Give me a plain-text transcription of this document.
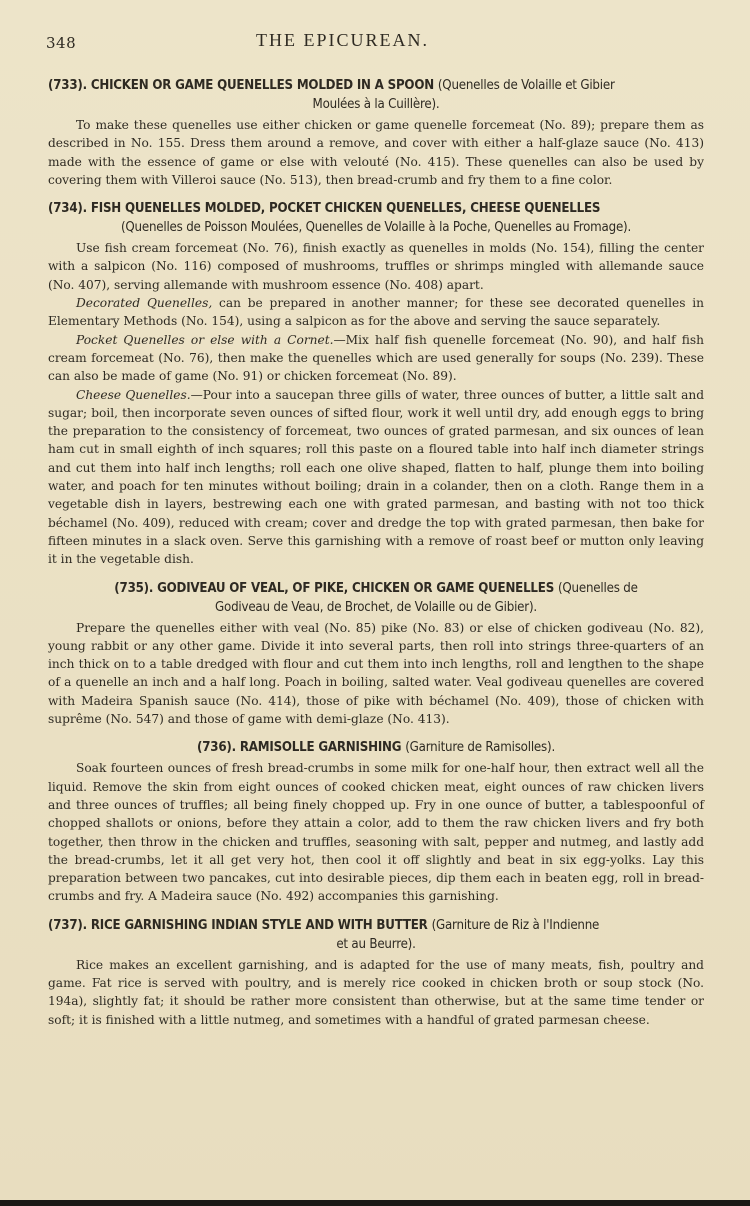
348	THE EPICUREAN.
(733). CHICKEN OR GAME QUENELLES MOLDED IN A SPOON (Quenelles de Volaille et Gibier
Moulées à la Cuillère).

To make these quenelles use either chicken or game quenelle forcemeat (No. 89); prepare them as described in No. 155. Dress them around a remove, and cover with either a half-glaze sauce (No. 413) made with the essence of game or else with velouté (No. 415). These quenelles can also be used by covering them with Villeroi sauce (No. 513), then bread-crumb and fry them to a fine color.

(734). FISH QUENELLES MOLDED, POCKET CHICKEN QUENELLES, CHEESE QUENELLES
(Quenelles de Poisson Moulées, Quenelles de Volaille à la Poche, Quenelles au Fromage).

Use fish cream forcemeat (No. 76), finish exactly as quenelles in molds (No. 154), filling the center with a salpicon (No. 116) composed of mushrooms, truffles or shrimps mingled with allemande sauce (No. 407), serving allemande with mushroom essence (No. 408) apart.

Decorated Quenelles, can be prepared in another manner; for these see decorated quenelles in Elementary Methods (No. 154), using a salpicon as for the above and serving the sauce separately.

Pocket Quenelles or else with a Cornet.—Mix half fish quenelle forcemeat (No. 90), and half fish cream forcemeat (No. 76), then make the quenelles which are used generally for soups (No. 239). These can also be made of game (No. 91) or chicken forcemeat (No. 89).

Cheese Quenelles.—Pour into a saucepan three gills of water, three ounces of butter, a little salt and sugar; boil, then incorporate seven ounces of sifted flour, work it well until dry, add enough eggs to bring the preparation to the consistency of forcemeat, two ounces of grated parmesan, and six ounces of lean ham cut in small eighth of inch squares; roll this paste on a floured table into half inch diameter strings and cut them into half inch lengths; roll each one olive shaped, flatten to half, plunge them into boiling water, and poach for ten minutes without boiling; drain in a colander, then on a cloth. Range them in a vegetable dish in layers, bestrewing each one with grated parmesan, and basting with not too thick béchamel (No. 409), reduced with cream; cover and dredge the top with grated parmesan, then bake for fifteen minutes in a slack oven. Serve this garnishing with a remove of roast beef or mutton only leaving it in the vegetable dish.

(735). GODIVEAU OF VEAL, OF PIKE, CHICKEN OR GAME QUENELLES (Quenelles de
Godiveau de Veau, de Brochet, de Volaille ou de Gibier).

Prepare the quenelles either with veal (No. 85) pike (No. 83) or else of chicken godiveau (No. 82), young rabbit or any other game. Divide it into several parts, then roll into strings three-quarters of an inch thick on to a table dredged with flour and cut them into inch lengths, roll and lengthen to the shape of a quenelle an inch and a half long. Poach in boiling, salted water. Veal godiveau quenelles are covered with Madeira Spanish sauce (No. 414), those of pike with béchamel (No. 409), those of chicken with suprême (No. 547) and those of game with demi-glaze (No. 413).

(736). RAMISOLLE GARNISHING (Garniture de Ramisolles).

Soak fourteen ounces of fresh bread-crumbs in some milk for one-half hour, then extract well all the liquid. Remove the skin from eight ounces of cooked chicken meat, eight ounces of raw chicken livers and three ounces of truffles; all being finely chopped up. Fry in one ounce of butter, a tablespoonful of chopped shallots or onions, before they attain a color, add to them the raw chicken livers and fry both together, then throw in the chicken and truffles, seasoning with salt, pepper and nutmeg, and lastly add the bread-crumbs, let it all get very hot, then cool it off slightly and beat in six egg-yolks. Lay this preparation between two pancakes, cut into desirable pieces, dip them each in beaten egg, roll in bread-crumbs and fry. A Madeira sauce (No. 492) accompanies this garnishing.

(737). RICE GARNISHING INDIAN STYLE AND WITH BUTTER (Garniture de Riz à l'Indienne
et au Beurre).

Rice makes an excellent garnishing, and is adapted for the use of many meats, fish, poultry and game. Fat rice is served with poultry, and is merely rice cooked in chicken broth or soup stock (No. 194a), slightly fat; it should be rather more consistent than otherwise, but at the same time tender or soft; it is finished with a little nutmeg, and sometimes with a handful of grated parmesan cheese.
